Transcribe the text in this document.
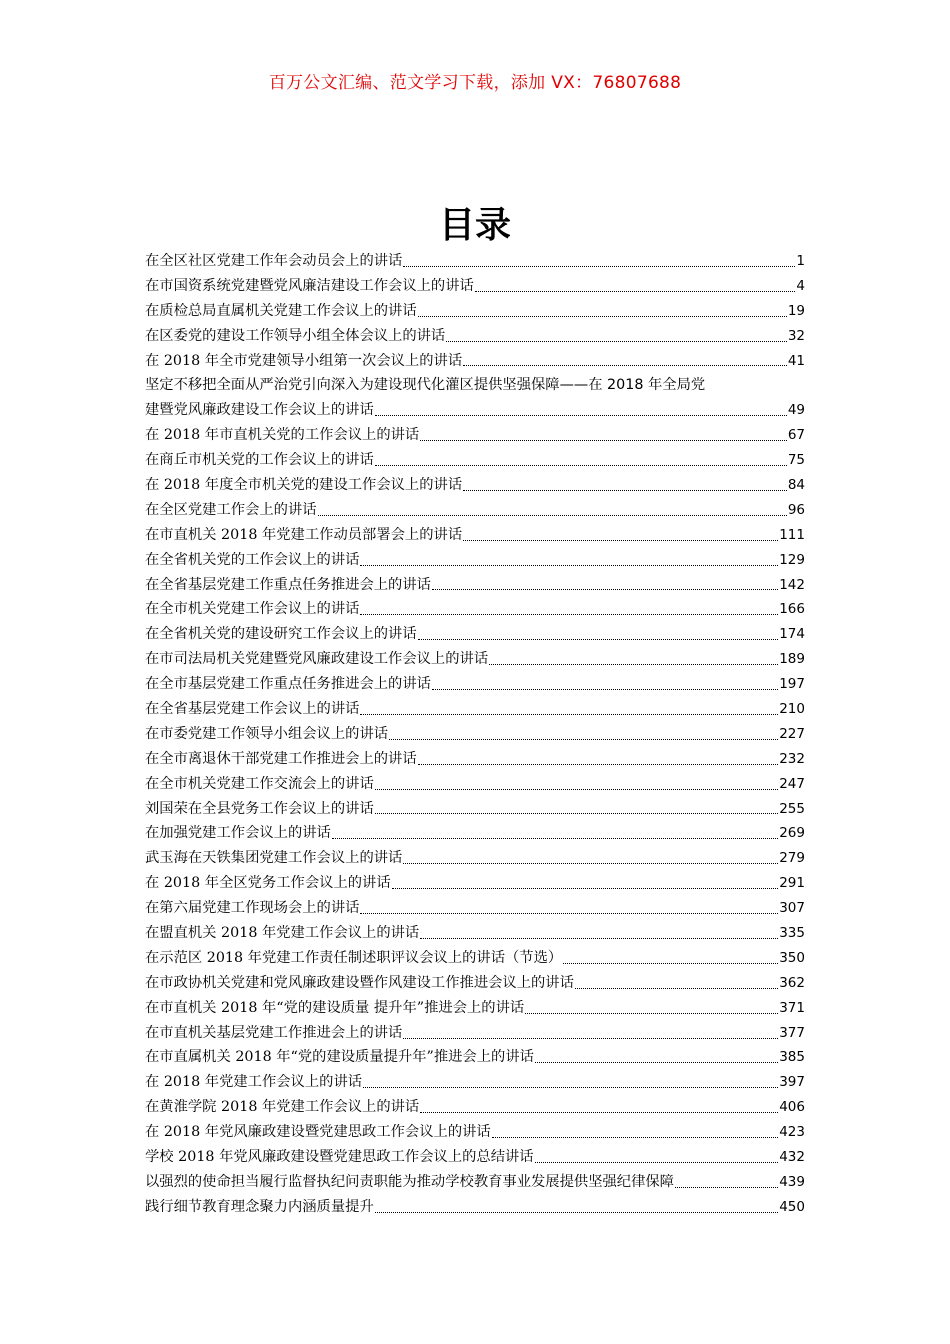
百万公文汇编、范文学习下载，添加 VX：76807688
目录
在全区社区党建工作年会动员会上的讲话	1
在市国资系统党建暨党风廉洁建设工作会议上的讲话	4
在质检总局直属机关党建工作会议上的讲话	19
在区委党的建设工作领导小组全体会议上的讲话	32
在 2018 年全市党建领导小组第一次会议上的讲话	41
坚定不移把全面从严治党引向深入为建设现代化灌区提供坚强保障——在 2018 年全局党
建暨党风廉政建设工作会议上的讲话	49
在 2018 年市直机关党的工作会议上的讲话	67
在商丘市机关党的工作会议上的讲话	75
在 2018 年度全市机关党的建设工作会议上的讲话	84
在全区党建工作会上的讲话	96
在市直机关 2018 年党建工作动员部署会上的讲话	111
在全省机关党的工作会议上的讲话	129
在全省基层党建工作重点任务推进会上的讲话	142
在全市机关党建工作会议上的讲话	166
在全省机关党的建设研究工作会议上的讲话	174
在市司法局机关党建暨党风廉政建设工作会议上的讲话	189
在全市基层党建工作重点任务推进会上的讲话	197
在全省基层党建工作会议上的讲话	210
在市委党建工作领导小组会议上的讲话	227
在全市离退休干部党建工作推进会上的讲话	232
在全市机关党建工作交流会上的讲话	247
刘国荣在全县党务工作会议上的讲话	255
在加强党建工作会议上的讲话	269
武玉海在天铁集团党建工作会议上的讲话	279
在 2018 年全区党务工作会议上的讲话	291
在第六届党建工作现场会上的讲话	307
在盟直机关 2018 年党建工作会议上的讲话	335
在示范区 2018 年党建工作责任制述职评议会议上的讲话（节选）	350
在市政协机关党建和党风廉政建设暨作风建设工作推进会议上的讲话	362
在市直机关 2018 年“党的建设质量 提升年”推进会上的讲话	371
在市直机关基层党建工作推进会上的讲话	377
在市直属机关 2018 年“党的建设质量提升年”推进会上的讲话	385
在 2018 年党建工作会议上的讲话	397
在黄淮学院 2018 年党建工作会议上的讲话	406
在 2018 年党风廉政建设暨党建思政工作会议上的讲话	423
学校 2018 年党风廉政建设暨党建思政工作会议上的总结讲话	432
以强烈的使命担当履行监督执纪问责职能为推动学校教育事业发展提供坚强纪律保障	439
践行细节教育理念聚力内涵质量提升	450
